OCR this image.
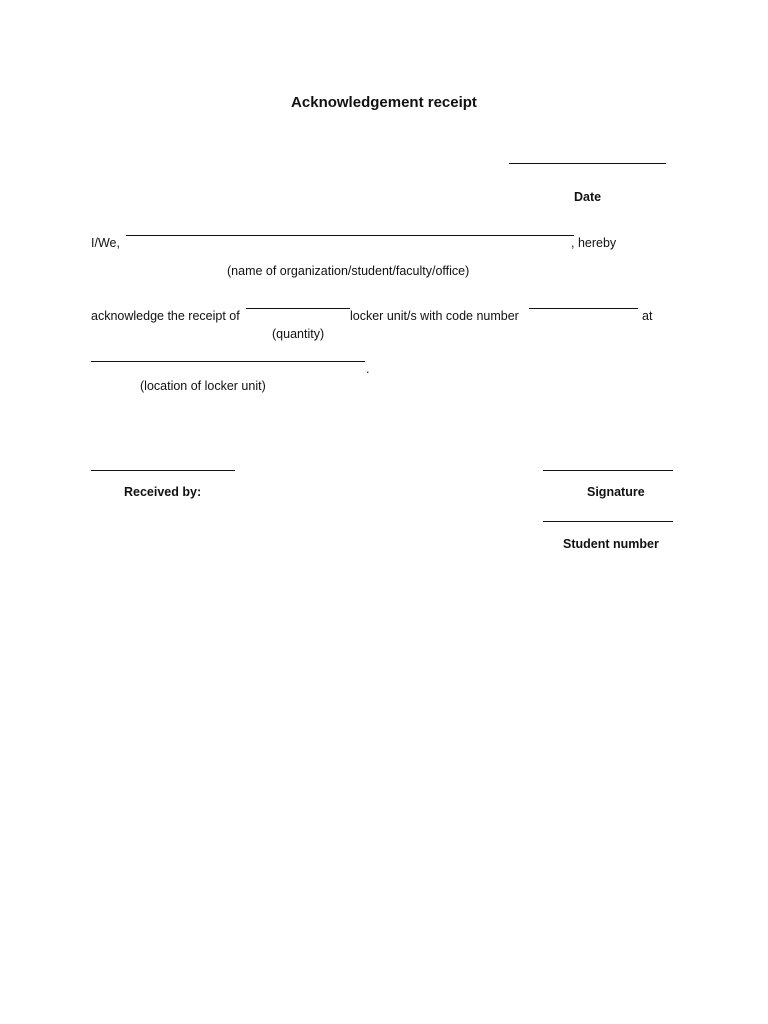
Acknowledgement receipt
Date
I/We,	, hereby
(name of organization/student/faculty/office)
acknowledge the receipt of	locker unit/s with code number	at
(quantity)
.
(location of locker unit)
Received by:	Signature
Student number
